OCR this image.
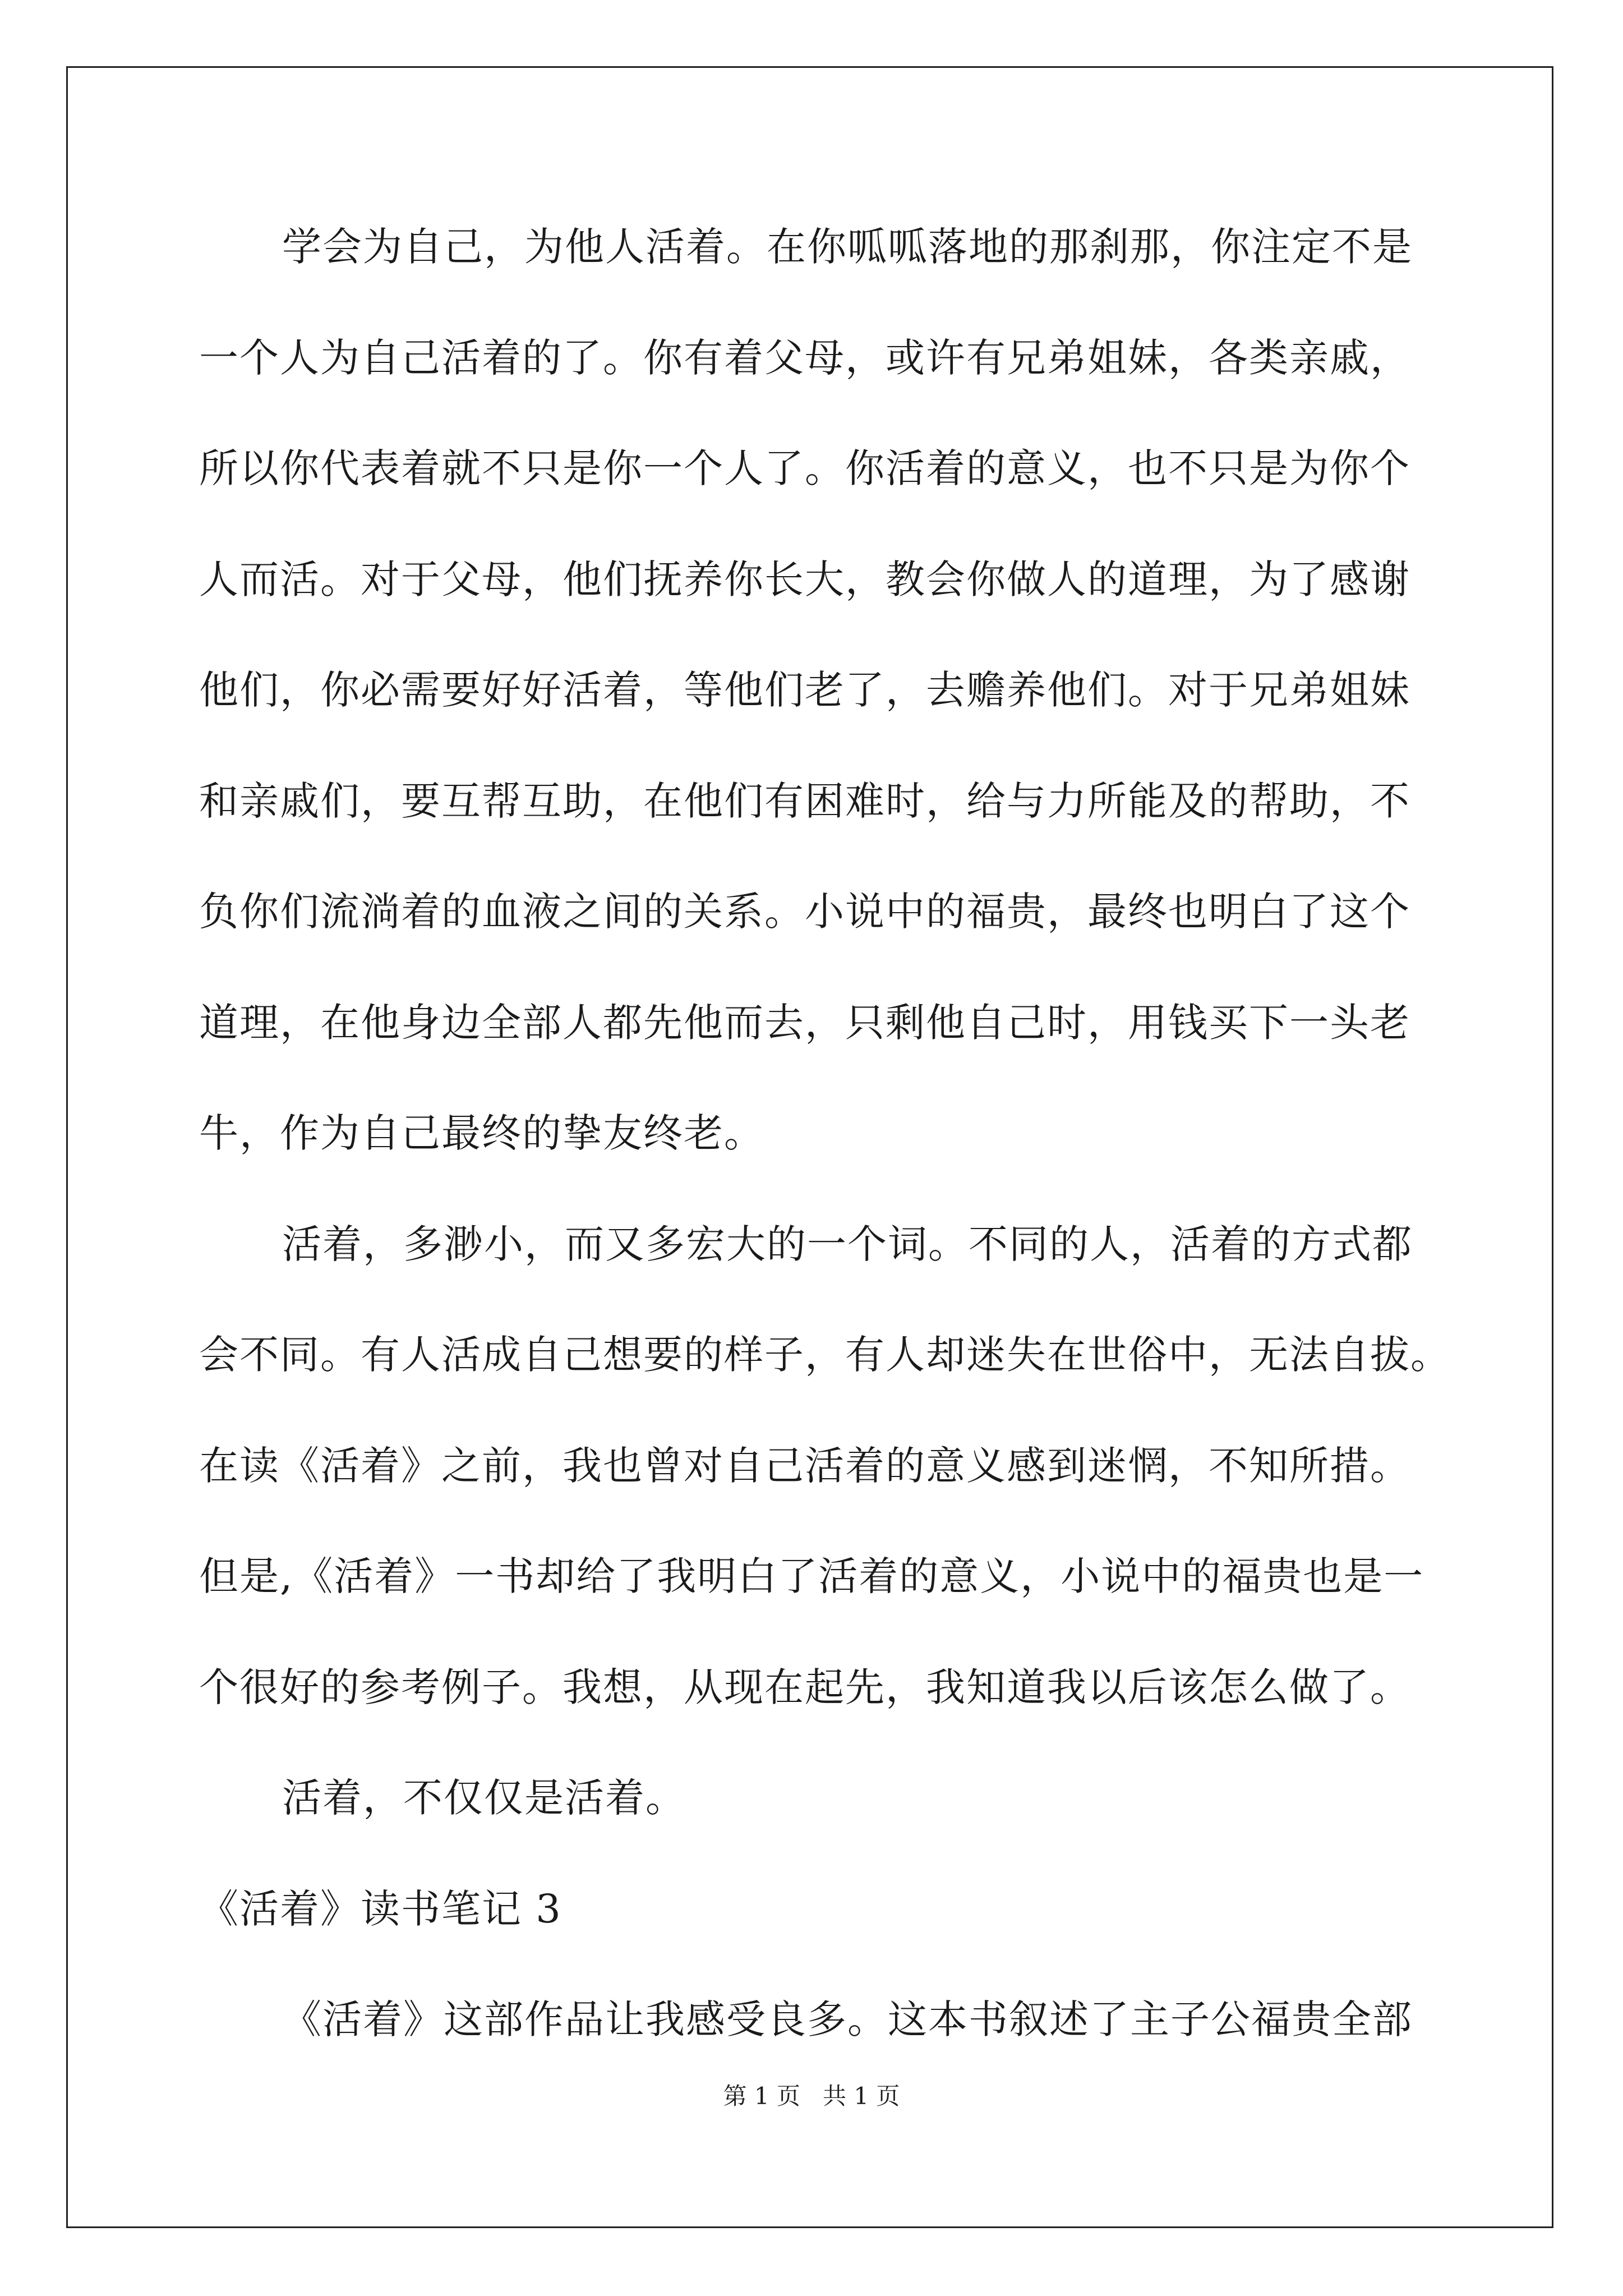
学会为自己，为他人活着。在你呱呱落地的那刹那，你注定不是
一个人为自己活着的了。你有着父母，或许有兄弟姐妹，各类亲戚，
所以你代表着就不只是你一个人了。你活着的意义，也不只是为你个
人而活。对于父母，他们抚养你长大，教会你做人的道理，为了感谢
他们，你必需要好好活着，等他们老了，去赡养他们。对于兄弟姐妹
和亲戚们，要互帮互助，在他们有困难时，给与力所能及的帮助，不
负你们流淌着的血液之间的关系。小说中的福贵，最终也明白了这个
道理，在他身边全部人都先他而去，只剩他自己时，用钱买下一头老
牛，作为自己最终的挚友终老。
活着，多渺小，而又多宏大的一个词。不同的人，活着的方式都
会不同。有人活成自己想要的样子，有人却迷失在世俗中，无法自拔。
在读《活着》之前，我也曾对自己活着的意义感到迷惘，不知所措。
但是,《活着》一书却给了我明白了活着的意义，小说中的福贵也是一
个很好的参考例子。我想，从现在起先，我知道我以后该怎么做了。
活着，不仅仅是活着。
《活着》读书笔记 3
《活着》这部作品让我感受良多。这本书叙述了主子公福贵全部
第 1 页 共 1 页
